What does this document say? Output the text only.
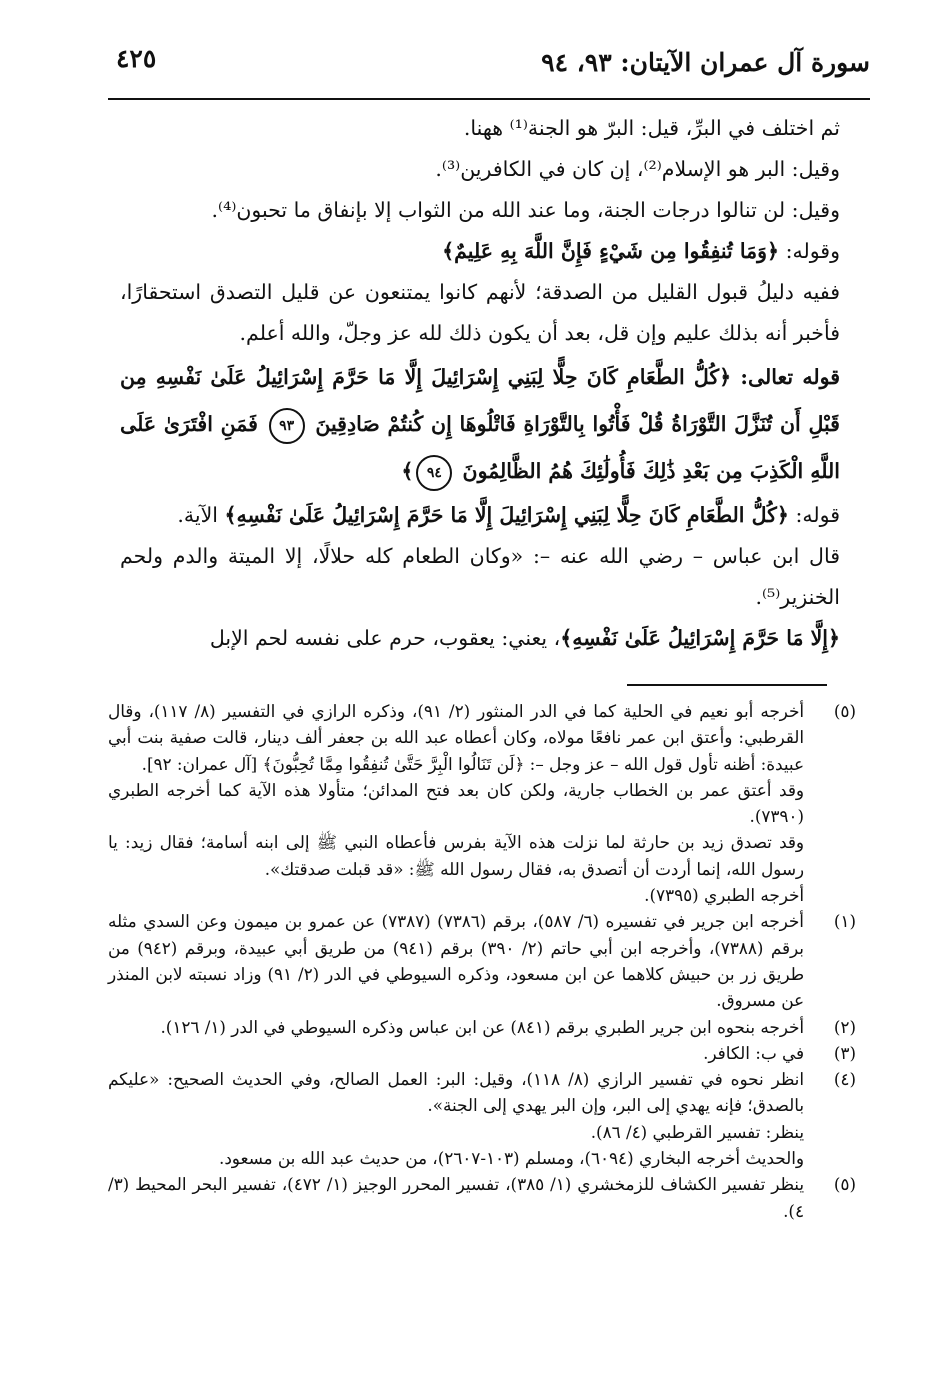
سورة آل عمران الآيتان: ٩٣، ٩٤
٤٢٥

ثم اختلف في البرِّ، قيل: البرّ هو الجنة⁽¹⁾ ههنا.

وقيل: البر هو الإسلام⁽²⁾، إن كان في الكافرين⁽³⁾.

وقيل: لن تنالوا درجات الجنة، وما عند الله من الثواب إلا بإنفاق ما تحبون⁽⁴⁾.

وقوله: ﴿وَمَا تُنفِقُوا مِن شَيْءٍ فَإِنَّ اللَّهَ بِهِ عَلِيمٌ﴾

ففيه دليلُ قبول القليل من الصدقة؛ لأنهم كانوا يمتنعون عن قليل التصدق استحقارًا، فأخبر أنه بذلك عليم وإن قل، بعد أن يكون ذلك لله عز وجلّ، والله أعلم.

قوله تعالى: ﴿كُلُّ الطَّعَامِ كَانَ حِلًّا لِبَنِي إِسْرَائِيلَ إِلَّا مَا حَرَّمَ إِسْرَائِيلُ عَلَىٰ نَفْسِهِ مِن قَبْلِ أَن تُنَزَّلَ التَّوْرَاةُ قُلْ فَأْتُوا بِالتَّوْرَاةِ فَاتْلُوهَا إِن كُنتُمْ صَادِقِينَ ٩٣ فَمَنِ افْتَرَىٰ عَلَى اللَّهِ الْكَذِبَ مِن بَعْدِ ذَٰلِكَ فَأُولَٰئِكَ هُمُ الظَّالِمُونَ ٩٤﴾

قوله: ﴿كُلُّ الطَّعَامِ كَانَ حِلًّا لِبَنِي إِسْرَائِيلَ إِلَّا مَا حَرَّمَ إِسْرَائِيلُ عَلَىٰ نَفْسِهِ﴾ الآية.

قال ابن عباس – رضي الله عنه –: «وكان الطعام كله حلالًا، إلا الميتة والدم ولحم الخنزير⁽⁵⁾.

﴿إِلَّا مَا حَرَّمَ إِسْرَائِيلُ عَلَىٰ نَفْسِهِ﴾، يعني: يعقوب، حرم على نفسه لحم الإبل

(٥)

أخرجه أبو نعيم في الحلية كما في الدر المنثور (٢/ ٩١)، وذكره الرازي في التفسير (٨/ ١١٧)، وقال القرطبي: وأعتق ابن عمر نافعًا مولاه، وكان أعطاه عبد الله بن جعفر ألف دينار، قالت صفية بنت أبي عبيدة: أظنه تأول قول الله – عز وجل –: ﴿لَن تَنَالُوا الْبِرَّ حَتَّىٰ تُنفِقُوا مِمَّا تُحِبُّونَ﴾ [آل عمران: ٩٢].

وقد أعتق عمر بن الخطاب جارية، ولكن كان بعد فتح المدائن؛ متأولا هذه الآية كما أخرجه الطبري (٧٣٩٠).

وقد تصدق زيد بن حارثة لما نزلت هذه الآية بفرس فأعطاه النبي ﷺ إلى ابنه أسامة؛ فقال زيد: يا رسول الله، إنما أردت أن أتصدق به، فقال رسول الله ﷺ: «قد قبلت صدقتك».

أخرجه الطبري (٧٣٩٥).

(١)

أخرجه ابن جرير في تفسيره (٦/ ٥٨٧)، برقم (٧٣٨٦) (٧٣٨٧) عن عمرو بن ميمون وعن السدي مثله برقم (٧٣٨٨)، وأخرجه ابن أبي حاتم (٢/ ٣٩٠) برقم (٩٤١) من طريق أبي عبيدة، وبرقم (٩٤٢) من طريق زر بن حبيش كلاهما عن ابن مسعود، وذكره السيوطي في الدر (٢/ ٩١) وزاد نسبته لابن المنذر عن مسروق.

(٢)

أخرجه بنحوه ابن جرير الطبري برقم (٨٤١) عن ابن عباس وذكره السيوطي في الدر (١/ ١٢٦).

(٣)

في ب: الكافر.

(٤)

انظر نحوه في تفسير الرازي (٨/ ١١٨)، وقيل: البر: العمل الصالح، وفي الحديث الصحيح: «عليكم بالصدق؛ فإنه يهدي إلى البر، وإن البر يهدي إلى الجنة».

ينظر: تفسير القرطبي (٤/ ٨٦).

والحديث أخرجه البخاري (٦٠٩٤)، ومسلم (١٠٣-٢٦٠٧)، من حديث عبد الله بن مسعود.

(٥)

ينظر تفسير الكشاف للزمخشري (١/ ٣٨٥)، تفسير المحرر الوجيز (١/ ٤٧٢)، تفسير البحر المحيط (٣/ ٤).
